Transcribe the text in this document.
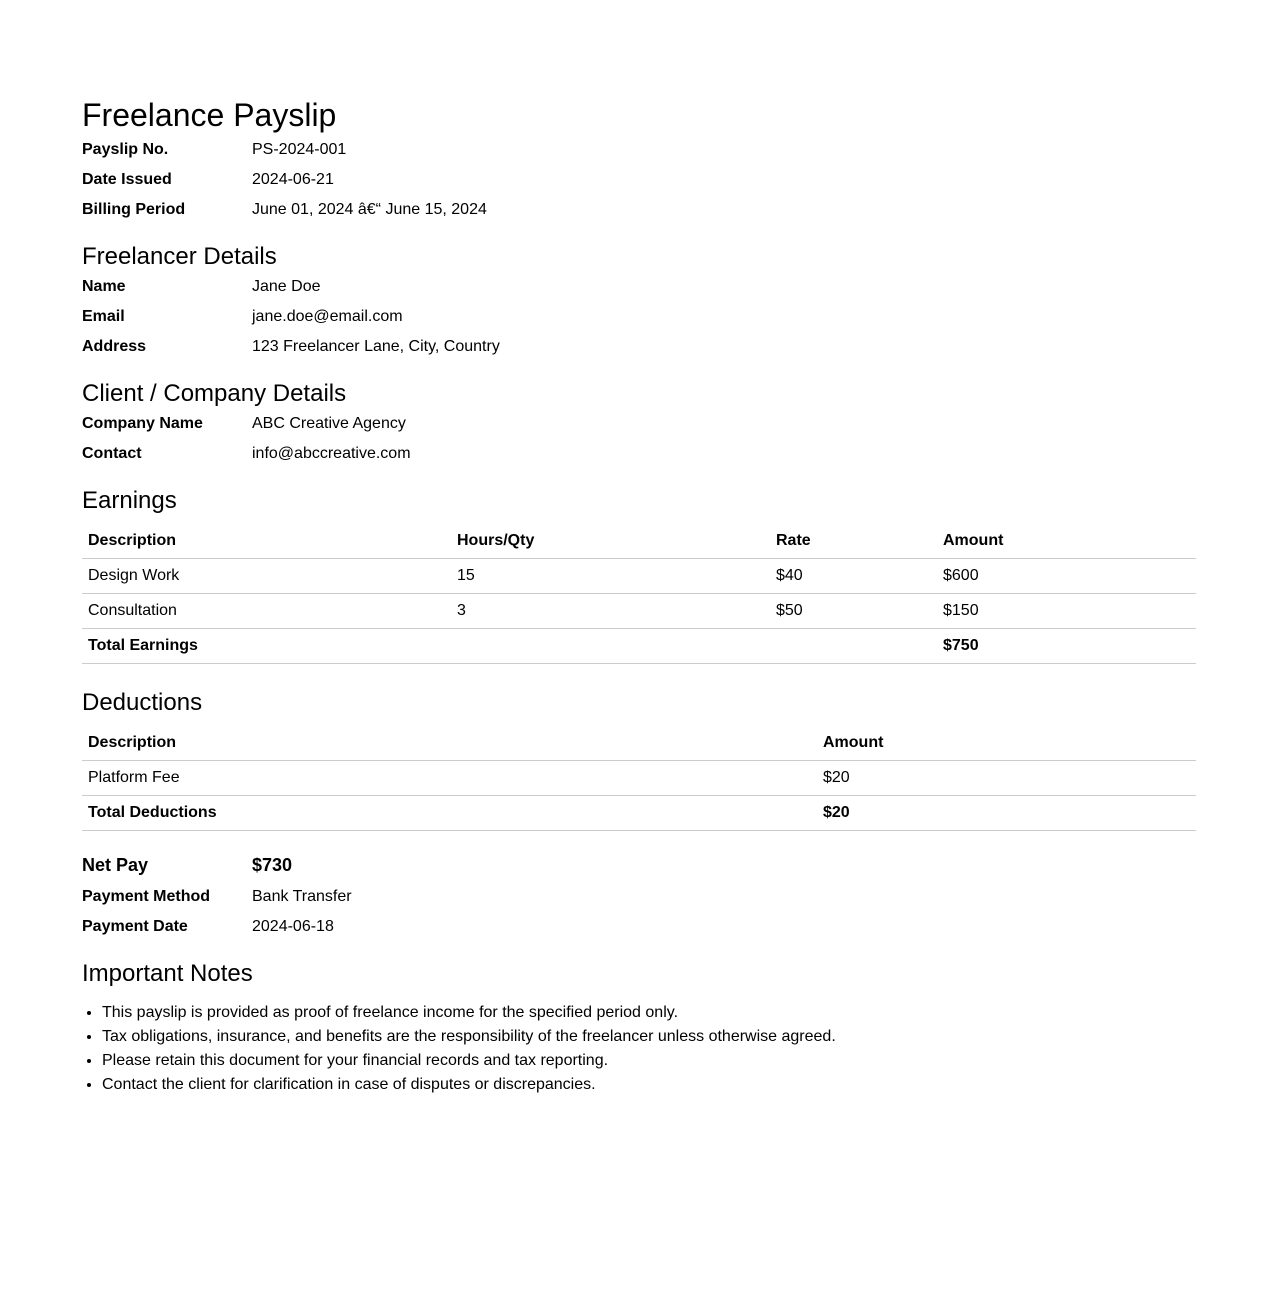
Freelance Payslip
Payslip No.	PS-2024-001
Date Issued	2024-06-21
Billing Period	June 01, 2024 â€“ June 15, 2024
Freelancer Details
Name	Jane Doe
Email	jane.doe@email.com
Address	123 Freelancer Lane, City, Country
Client / Company Details
Company Name	ABC Creative Agency
Contact	info@abccreative.com
Earnings
Description	Hours/Qty	Rate	Amount
Design Work	15	$40	$600
Consultation	3	$50	$150
Total Earnings			$750
Deductions
Description	Amount
Platform Fee	$20
Total Deductions	$20
Net Pay	$730
Payment Method	Bank Transfer
Payment Date	2024-06-18
Important Notes
• This payslip is provided as proof of freelance income for the specified period only.
• Tax obligations, insurance, and benefits are the responsibility of the freelancer unless otherwise agreed.
• Please retain this document for your financial records and tax reporting.
• Contact the client for clarification in case of disputes or discrepancies.
